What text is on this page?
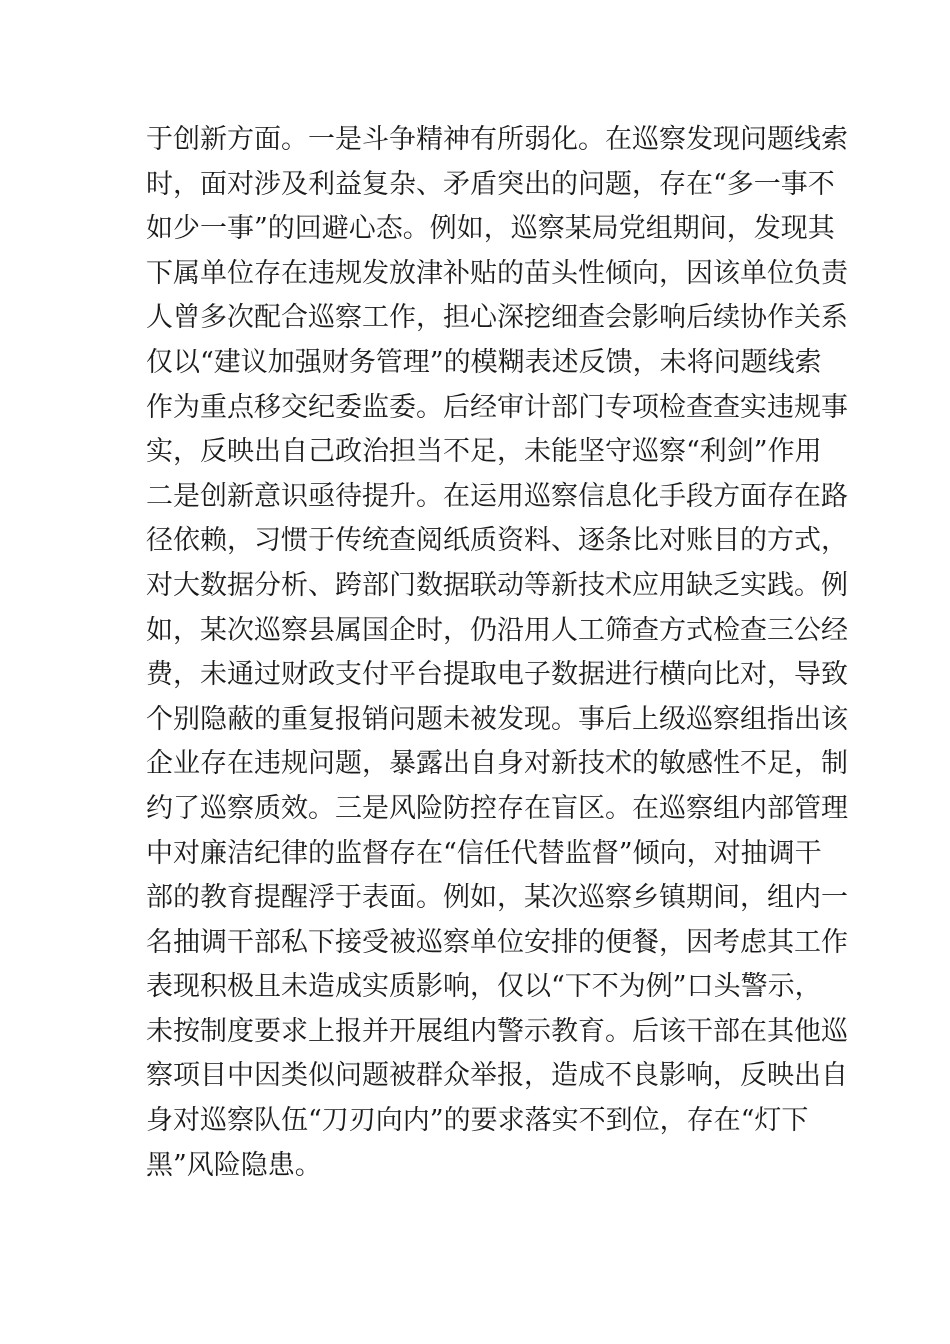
于创新方面。一是斗争精神有所弱化。在巡察发现问题线索
时，面对涉及利益复杂、矛盾突出的问题，存在“多一事不
如少一事”的回避心态。例如，巡察某局党组期间，发现其
下属单位存在违规发放津补贴的苗头性倾向，因该单位负责
人曾多次配合巡察工作，担心深挖细查会影响后续协作关系
仅以“建议加强财务管理”的模糊表述反馈，未将问题线索
作为重点移交纪委监委。后经审计部门专项检查查实违规事
实，反映出自己政治担当不足，未能坚守巡察“利剑”作用
二是创新意识亟待提升。在运用巡察信息化手段方面存在路
径依赖，习惯于传统查阅纸质资料、逐条比对账目的方式，
对大数据分析、跨部门数据联动等新技术应用缺乏实践。例
如，某次巡察县属国企时，仍沿用人工筛查方式检查三公经
费，未通过财政支付平台提取电子数据进行横向比对，导致
个别隐蔽的重复报销问题未被发现。事后上级巡察组指出该
企业存在违规问题，暴露出自身对新技术的敏感性不足，制
约了巡察质效。三是风险防控存在盲区。在巡察组内部管理
中对廉洁纪律的监督存在“信任代替监督”倾向，对抽调干
部的教育提醒浮于表面。例如，某次巡察乡镇期间，组内一
名抽调干部私下接受被巡察单位安排的便餐，因考虑其工作
表现积极且未造成实质影响，仅以“下不为例”口头警示，
未按制度要求上报并开展组内警示教育。后该干部在其他巡
察项目中因类似问题被群众举报，造成不良影响，反映出自
身对巡察队伍“刀刃向内”的要求落实不到位，存在“灯下
黑”风险隐患。
